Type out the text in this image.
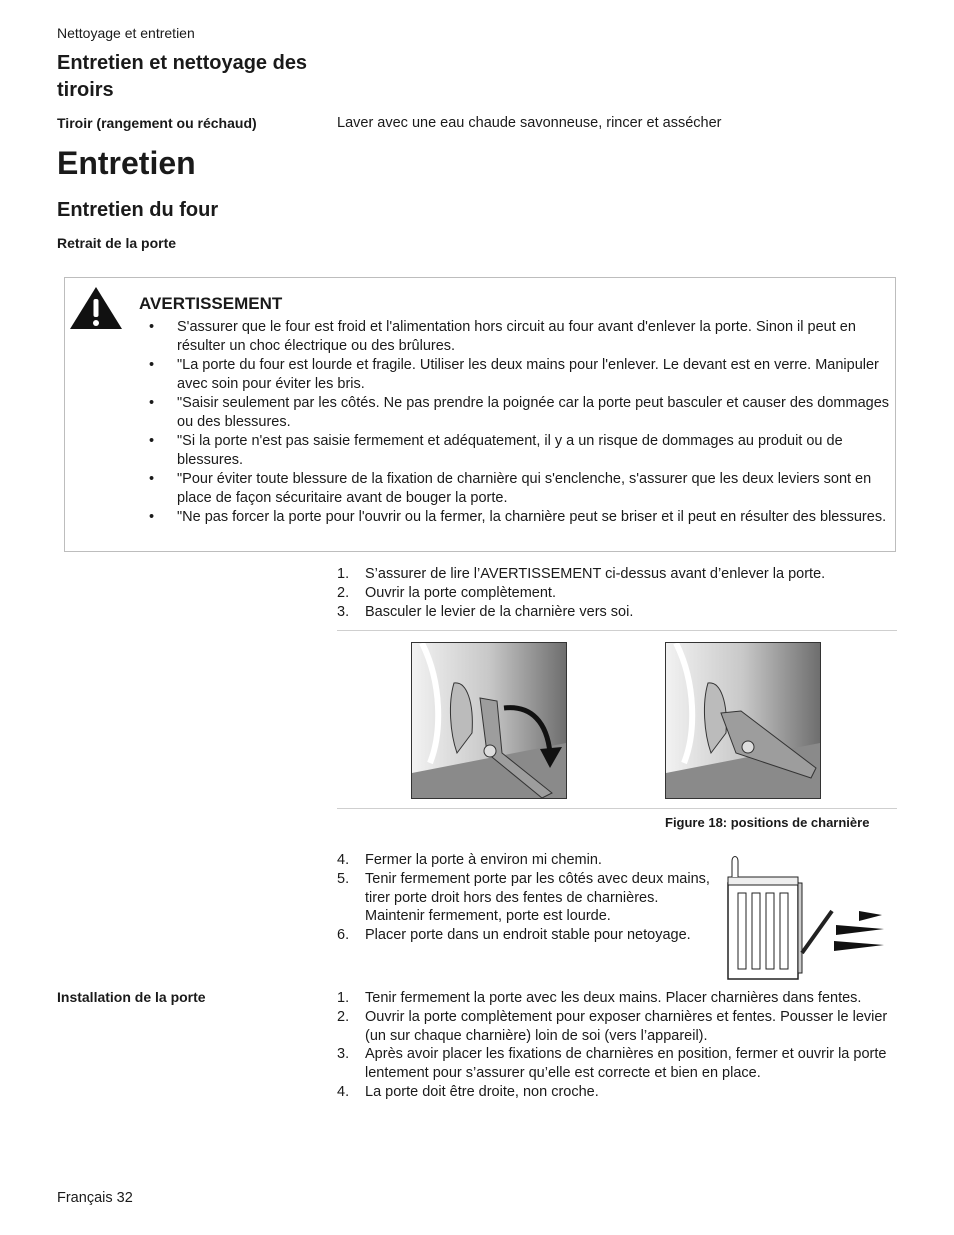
Nettoyage et entretien
Entretien et nettoyage des tiroirs
Tiroir (rangement ou réchaud)	Laver avec une eau chaude savonneuse, rincer et assécher
Entretien
Entretien du four
Retrait de la porte
AVERTISSEMENT
• S'assurer que le four est froid et l'alimentation hors circuit au four avant d'enlever la porte. Sinon il peut en résulter un choc électrique ou des brûlures.
• "La porte du four est lourde et fragile. Utiliser les deux mains pour l'enlever. Le devant est en verre. Manipuler avec soin pour éviter les bris.
• "Saisir seulement par les côtés. Ne pas prendre la poignée car la porte peut basculer et causer des dommages ou des blessures.
• "Si la porte n'est pas saisie fermement et adéquatement, il y a un risque de dommages au produit ou de blessures.
• "Pour éviter toute blessure de la fixation de charnière qui s'enclenche, s'assurer que les deux leviers sont en place de façon sécuritaire avant de bouger la porte.
• "Ne pas forcer la porte pour l'ouvrir ou la fermer, la charnière peut se briser et il peut en résulter des blessures.
1. S’assurer de lire l’AVERTISSEMENT ci-dessus avant d’enlever la porte.
2. Ouvrir la porte complètement.
3. Basculer le levier de la charnière vers soi.
Figure 18: positions de charnière
4. Fermer la porte à environ mi chemin.
5. Tenir fermement porte par les côtés avec deux mains, tirer porte droit hors des fentes de charnières. Maintenir fermement, porte est lourde.
6. Placer porte dans un endroit stable pour netoyage.
Installation de la porte	1. Tenir fermement la porte avec les deux mains. Placer charnières dans fentes.
2. Ouvrir la porte complètement pour exposer charnières et fentes. Pousser le levier (un sur chaque charnière) loin de soi (vers l’appareil).
3. Après avoir placer les fixations de charnières en position, fermer et ouvrir la porte lentement pour s’assurer qu’elle est correcte et bien en place.
4. La porte doit être droite, non croche.
Français 32
